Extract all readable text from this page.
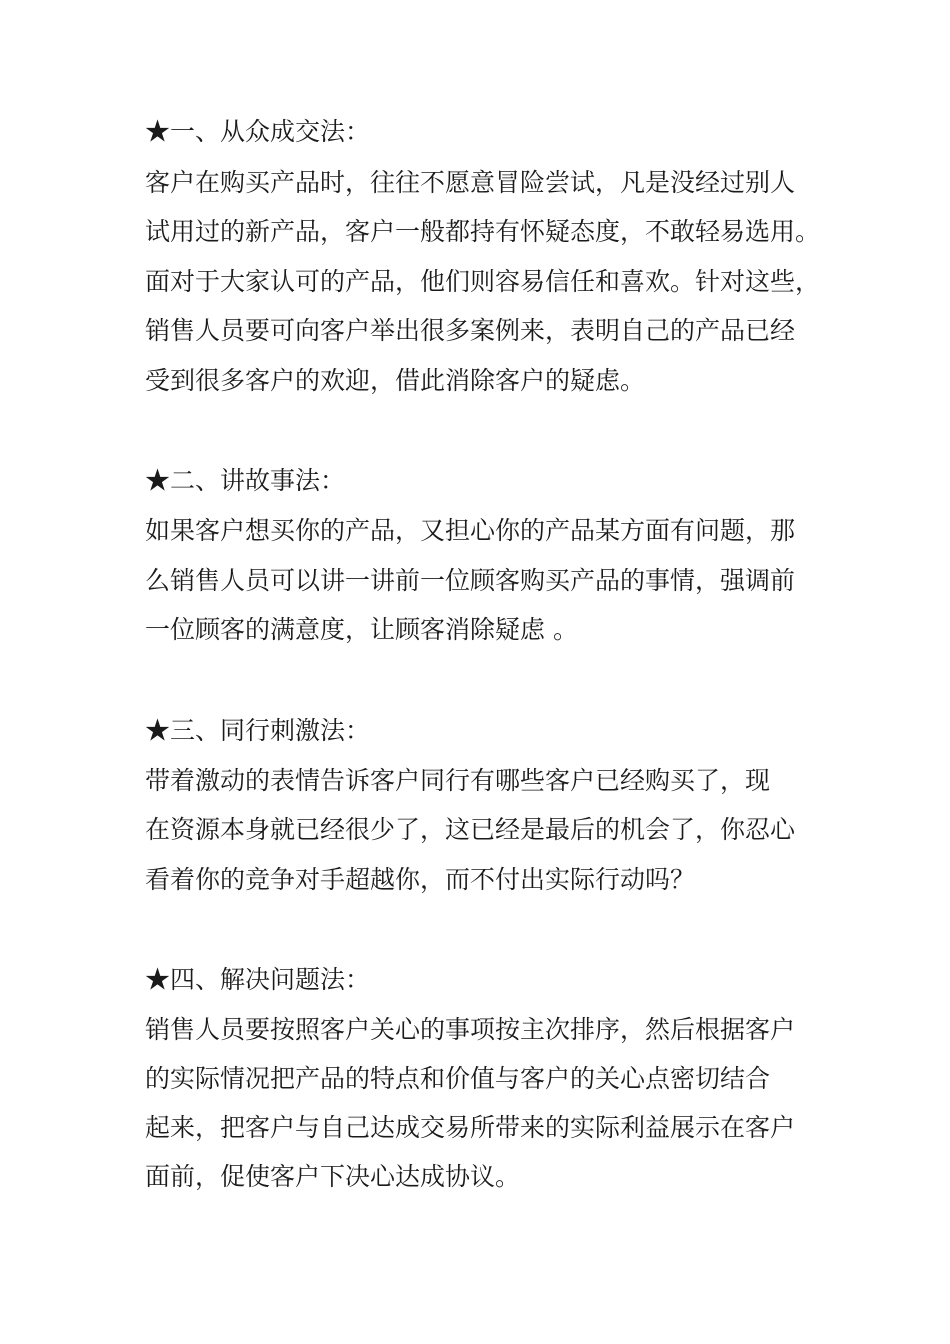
★一、从众成交法：
客户在购买产品时，往往不愿意冒险尝试，凡是没经过别人
试用过的新产品，客户一般都持有怀疑态度，不敢轻易选用。
面对于大家认可的产品，他们则容易信任和喜欢。针对这些，
销售人员要可向客户举出很多案例来，表明自己的产品已经
受到很多客户的欢迎，借此消除客户的疑虑。
★二、讲故事法：
如果客户想买你的产品，又担心你的产品某方面有问题，那
么销售人员可以讲一讲前一位顾客购买产品的事情，强调前
一位顾客的满意度，让顾客消除疑虑 。
★三、同行刺激法：
带着激动的表情告诉客户同行有哪些客户已经购买了，现
在资源本身就已经很少了，这已经是最后的机会了，你忍心
看着你的竞争对手超越你，而不付出实际行动吗？
★四、解决问题法：
销售人员要按照客户关心的事项按主次排序，然后根据客户
的实际情况把产品的特点和价值与客户的关心点密切结合
起来，把客户与自己达成交易所带来的实际利益展示在客户
面前，促使客户下决心达成协议。
